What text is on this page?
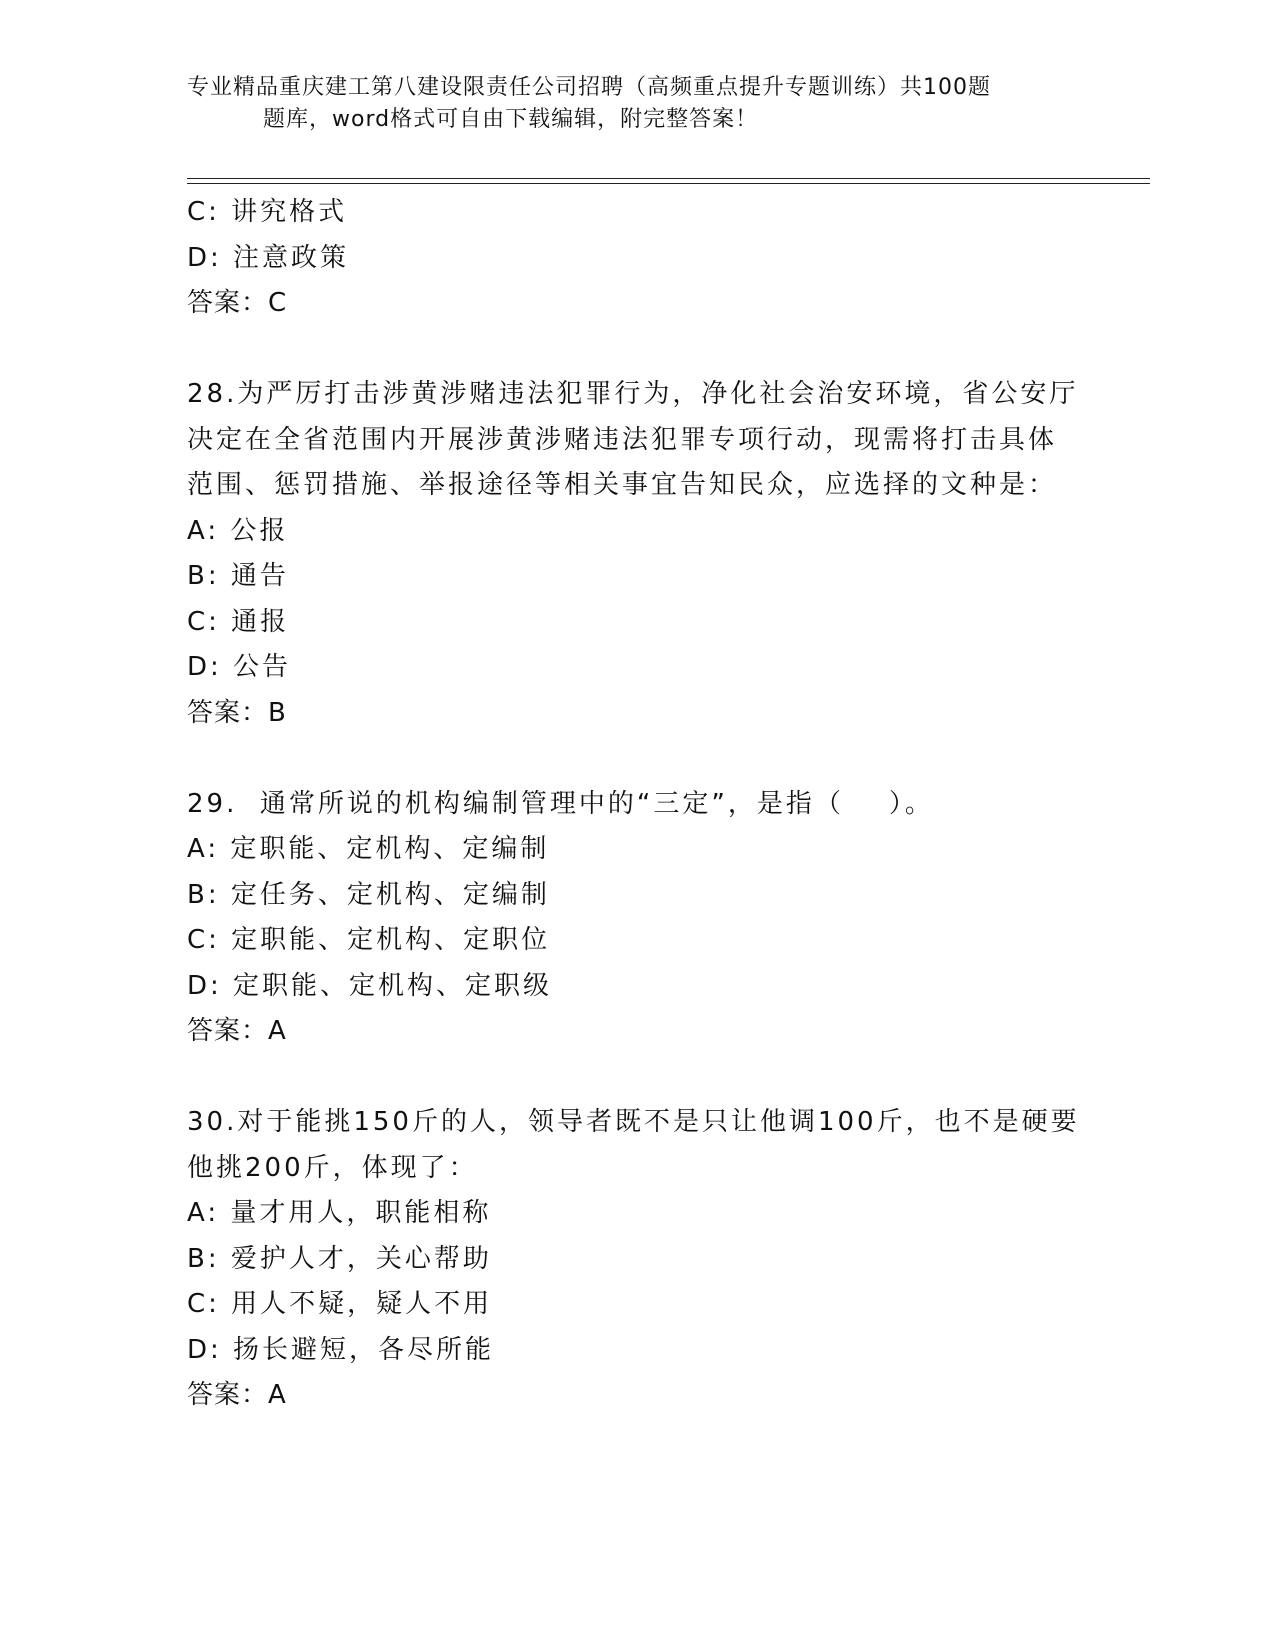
专业精品重庆建工第八建设限责任公司招聘（高频重点提升专题训练）共100题
题库，word格式可自由下载编辑，附完整答案！
C: 讲究格式
D: 注意政策
答案：C
28.为严厉打击涉黄涉赌违法犯罪行为，净化社会治安环境，省公安厅
决定在全省范围内开展涉黄涉赌违法犯罪专项行动，现需将打击具体
范围、惩罚措施、举报途径等相关事宜告知民众，应选择的文种是：
A: 公报
B: 通告
C: 通报
D: 公告
答案：B
29.  通常所说的机构编制管理中的“三定”，是指（    ）。
A: 定职能、定机构、定编制
B: 定任务、定机构、定编制
C: 定职能、定机构、定职位
D: 定职能、定机构、定职级
答案：A
30.对于能挑150斤的人，领导者既不是只让他调100斤，也不是硬要
他挑200斤，体现了：
A: 量才用人，职能相称
B: 爱护人才，关心帮助
C: 用人不疑，疑人不用
D: 扬长避短，各尽所能
答案：A
